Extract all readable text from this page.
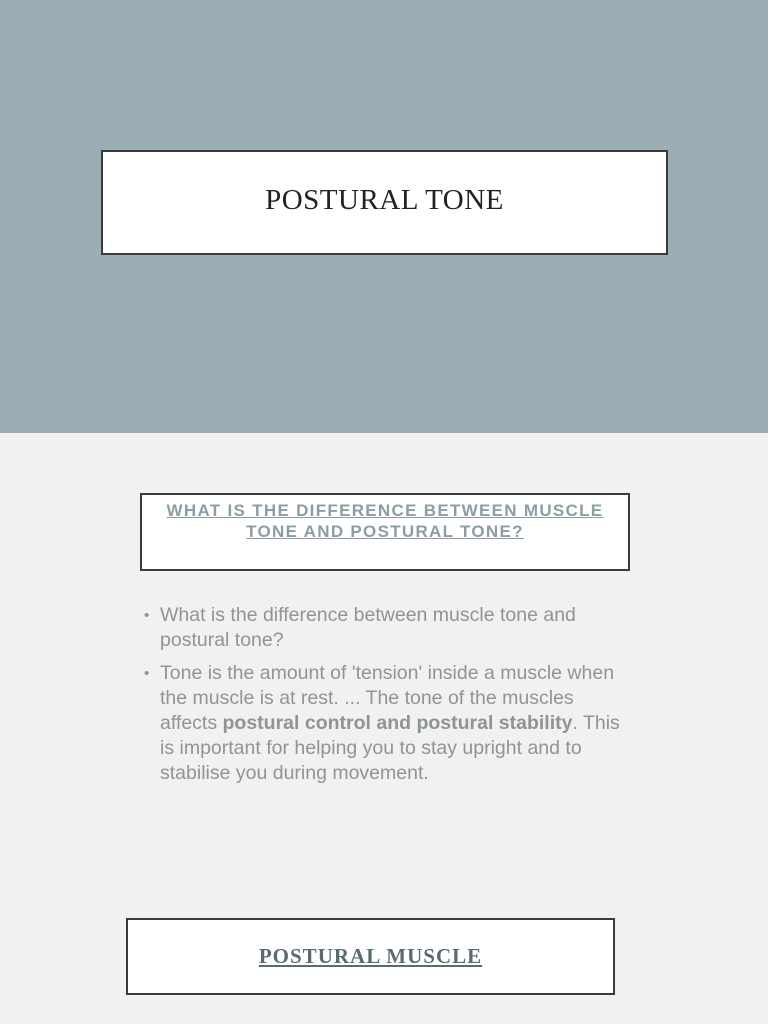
POSTURAL TONE
WHAT IS THE DIFFERENCE BETWEEN MUSCLE TONE AND POSTURAL TONE?
• What is the difference between muscle tone and postural tone?
• Tone is the amount of 'tension' inside a muscle when the muscle is at rest. ... The tone of the muscles affects postural control and postural stability. This is important for helping you to stay upright and to stabilise you during movement.
POSTURAL MUSCLE
